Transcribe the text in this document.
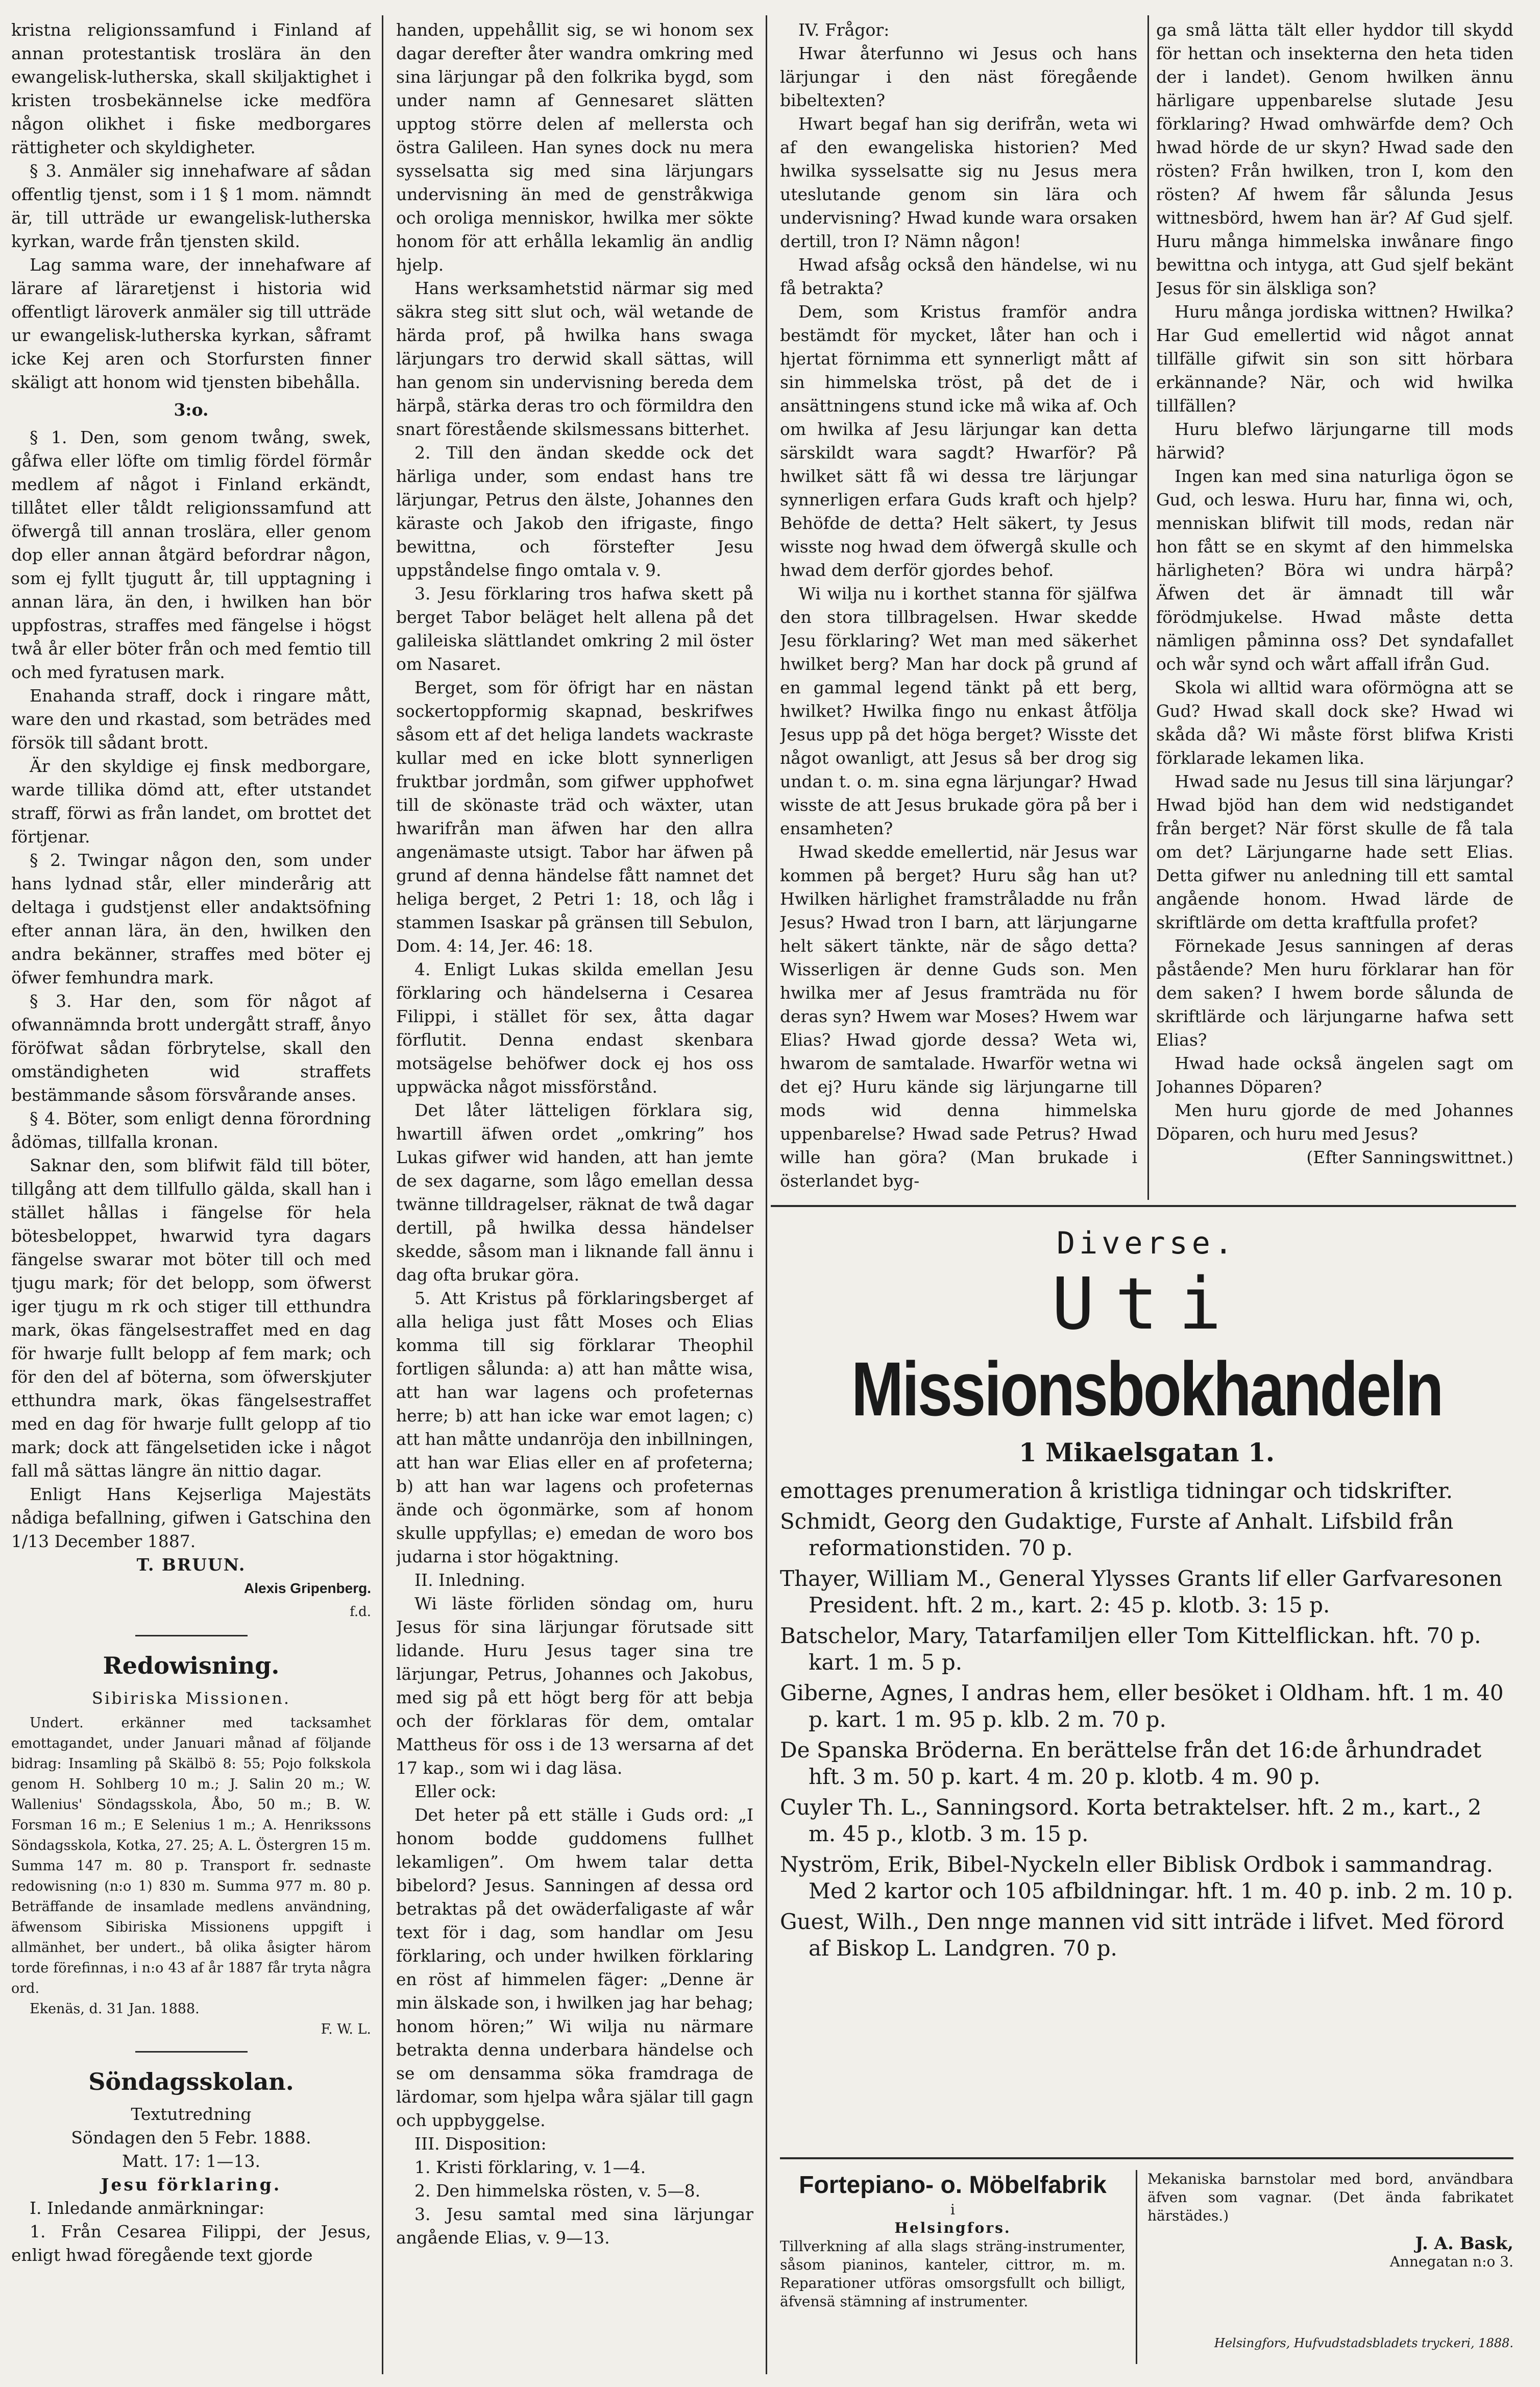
kristna religionssamfund i Finland af annan protestantisk troslära än den ewangelisk-lutherska, skall skiljaktighet i kristen trosbekännelse icke medföra någon olikhet i fiske medborgares rättigheter och skyldigheter.

§ 3. Anmäler sig innehafware af sådan offentlig tjenst, som i 1 § 1 mom. nämndt är, till utträde ur ewangelisk-lutherska kyrkan, warde från tjensten skild.

Lag samma ware, der innehafware af lärare af läraretjenst i historia wid offentligt läroverk anmäler sig till utträde ur ewangelisk-lutherska kyrkan, såframt icke Kej aren och Storfursten finner skäligt att honom wid tjensten bibehålla.

3:o.

§ 1. Den, som genom twång, swek, gåfwa eller löfte om timlig fördel förmår medlem af något i Finland erkändt, tillåtet eller tåldt religionssamfund att öfwergå till annan troslära, eller genom dop eller annan åtgärd befordrar någon, som ej fyllt tjugutt år, till upptagning i annan lära, än den, i hwilken han bör uppfostras, straffes med fängelse i högst twå år eller böter från och med femtio till och med fyratusen mark.

Enahanda straff, dock i ringare mått, ware den und rkastad, som beträdes med försök till sådant brott.

Är den skyldige ej finsk medborgare, warde tillika dömd att, efter utstandet straff, förwi as från landet, om brottet det förtjenar.

§ 2. Twingar någon den, som under hans lydnad står, eller minderårig att deltaga i gudstjenst eller andaktsöfning efter annan lära, än den, hwilken den andra bekänner, straffes med böter ej öfwer femhundra mark.

§ 3. Har den, som för något af ofwannämnda brott undergått straff, ånyo föröfwat sådan förbrytelse, skall den omständigheten wid straffets bestämmande såsom försvårande anses.

§ 4. Böter, som enligt denna förordning ådömas, tillfalla kronan.

Saknar den, som blifwit fäld till böter, tillgång att dem tillfullo gälda, skall han i stället hållas i fängelse för hela bötesbeloppet, hwarwid tyra dagars fängelse swarar mot böter till och med tjugu mark; för det belopp, som öfwerst iger tjugu m rk och stiger till etthundra mark, ökas fängelsestraffet med en dag för hwarje fullt belopp af fem mark; och för den del af böterna, som öfwerskjuter etthundra mark, ökas fängelsestraffet med en dag för hwarje fullt gelopp af tio mark; dock att fängelsetiden icke i något fall må sättas längre än nittio dagar.

Enligt Hans Kejserliga Majestäts nådiga befallning, gifwen i Gatschina den 1/13 December 1887.

T. BRUUN.
Alexis Gripenberg.
f.d.
Redowisning.
Sibiriska Missionen.

Undert. erkänner med tacksamhet emottagandet, under Januari månad af följande bidrag: Insamling på Skälbö 8: 55; Pojo folkskola genom H. Sohlberg 10 m.; J. Salin 20 m.; W. Wallenius' Söndagsskola, Åbo, 50 m.; B. W. Forsman 16 m.; E Selenius 1 m.; A. Henrikssons Söndagsskola, Kotka, 27. 25; A. L. Östergren 15 m. Summa 147 m. 80 p. Transport fr. sednaste redowisning (n:o 1) 830 m. Summa 977 m. 80 p. Beträffande de insamlade medlens användning, äfwensom Sibiriska Missionens uppgift i allmänhet, ber undert., bå olika åsigter härom torde förefinnas, i n:o 43 af år 1887 får tryta några ord.

Ekenäs, d. 31 Jan. 1888.

F. W. L.
Söndagsskolan.
Textutredning
Söndagen den 5 Febr. 1888.
Matt. 17: 1—13.
Jesu förklaring.

I. Inledande anmärkningar:

1. Från Cesarea Filippi, der Jesus, enligt hwad föregående text gjorde

handen, uppehållit sig, se wi honom sex dagar derefter åter wandra omkring med sina lärjungar på den folkrika bygd, som under namn af Gennesaret slätten upptog större delen af mellersta och östra Galileen. Han synes dock nu mera sysselsatta sig med sina lärjungars undervisning än med de genstråkwiga och oroliga menniskor, hwilka mer sökte honom för att erhålla lekamlig än andlig hjelp.

Hans werksamhetstid närmar sig med säkra steg sitt slut och, wäl wetande de härda prof, på hwilka hans swaga lärjungars tro derwid skall sättas, will han genom sin undervisning bereda dem härpå, stärka deras tro och förmildra den snart förestående skilsmessans bitterhet.

2. Till den ändan skedde ock det härliga under, som endast hans tre lärjungar, Petrus den älste, Johannes den käraste och Jakob den ifrigaste, fingo bewittna, och förstefter Jesu uppståndelse fingo omtala v. 9.

3. Jesu förklaring tros hafwa skett på berget Tabor beläget helt allena på det galileiska slättlandet omkring 2 mil öster om Nasaret.

Berget, som för öfrigt har en nästan sockertoppformig skapnad, beskrifwes såsom ett af det heliga landets wackraste kullar med en icke blott synnerligen fruktbar jordmån, som gifwer upphofwet till de skönaste träd och wäxter, utan hwarifrån man äfwen har den allra angenämaste utsigt. Tabor har äfwen på grund af denna händelse fått namnet det heliga berget, 2 Petri 1: 18, och låg i stammen Isaskar på gränsen till Sebulon, Dom. 4: 14, Jer. 46: 18.

4. Enligt Lukas skilda emellan Jesu förklaring och händelserna i Cesarea Filippi, i stället för sex, åtta dagar förflutit. Denna endast skenbara motsägelse behöfwer dock ej hos oss uppwäcka något missförstånd.

Det låter lätteligen förklara sig, hwartill äfwen ordet „omkring” hos Lukas gifwer wid handen, att han jemte de sex dagarne, som lågo emellan dessa twänne tilldragelser, räknat de twå dagar dertill, på hwilka dessa händelser skedde, såsom man i liknande fall ännu i dag ofta brukar göra.

5. Att Kristus på förklaringsberget af alla heliga just fått Moses och Elias komma till sig förklarar Theophil fortligen sålunda: a) att han måtte wisa, att han war lagens och profeternas herre; b) att han icke war emot lagen; c) att han måtte undanröja den inbillningen, att han war Elias eller en af profeterna; b) att han war lagens och profeternas ände och ögonmärke, som af honom skulle uppfyllas; e) emedan de woro bos judarna i stor högaktning.

II. Inledning.

Wi läste förliden söndag om, huru Jesus för sina lärjungar förutsade sitt lidande. Huru Jesus tager sina tre lärjungar, Petrus, Johannes och Jakobus, med sig på ett högt berg för att bebja och der förklaras för dem, omtalar Mattheus för oss i de 13 wersarna af det 17 kap., som wi i dag läsa.

Eller ock:

Det heter på ett ställe i Guds ord: „I honom bodde guddomens fullhet lekamligen”. Om hwem talar detta bibelord? Jesus. Sanningen af dessa ord betraktas på det owäderfaligaste af wår text för i dag, som handlar om Jesu förklaring, och under hwilken förklaring en röst af himmelen fäger: „Denne är min älskade son, i hwilken jag har behag; honom hören;” Wi wilja nu närmare betrakta denna underbara händelse och se om densamma söka framdraga de lärdomar, som hjelpa wåra själar till gagn och uppbyggelse.

III. Disposition:

1. Kristi förklaring, v. 1—4.

2. Den himmelska rösten, v. 5—8.

3. Jesu samtal med sina lärjungar angående Elias, v. 9—13.

IV. Frågor:

Hwar återfunno wi Jesus och hans lärjungar i den näst föregående bibeltexten?

Hwart begaf han sig derifrån, weta wi af den ewangeliska historien? Med hwilka sysselsatte sig nu Jesus mera uteslutande genom sin lära och undervisning? Hwad kunde wara orsaken dertill, tron I? Nämn någon!

Hwad afsåg också den händelse, wi nu få betrakta?

Dem, som Kristus framför andra bestämdt för mycket, låter han och i hjertat förnimma ett synnerligt mått af sin himmelska tröst, på det de i ansättningens stund icke må wika af. Och om hwilka af Jesu lärjungar kan detta särskildt wara sagdt? Hwarför? På hwilket sätt få wi dessa tre lärjungar synnerligen erfara Guds kraft och hjelp? Behöfde de detta? Helt säkert, ty Jesus wisste nog hwad dem öfwergå skulle och hwad dem derför gjordes behof.

Wi wilja nu i korthet stanna för själfwa den stora tillbragelsen. Hwar skedde Jesu förklaring? Wet man med säkerhet hwilket berg? Man har dock på grund af en gammal legend tänkt på ett berg, hwilket? Hwilka fingo nu enkast åtfölja Jesus upp på det höga berget? Wisste det något owanligt, att Jesus så ber drog sig undan t. o. m. sina egna lärjungar? Hwad wisste de att Jesus brukade göra på ber i ensamheten?

Hwad skedde emellertid, när Jesus war kommen på berget? Huru såg han ut? Hwilken härlighet framstråladde nu från Jesus? Hwad tron I barn, att lärjungarne helt säkert tänkte, när de sågo detta? Wisserligen är denne Guds son. Men hwilka mer af Jesus framträda nu för deras syn? Hwem war Moses? Hwem war Elias? Hwad gjorde dessa? Weta wi, hwarom de samtalade. Hwarför wetna wi det ej? Huru kände sig lärjungarne till mods wid denna himmelska uppenbarelse? Hwad sade Petrus? Hwad wille han göra? (Man brukade i österlandet byg-

ga små lätta tält eller hyddor till skydd för hettan och insekterna den heta tiden der i landet). Genom hwilken ännu härligare uppenbarelse slutade Jesu förklaring? Hwad omhwärfde dem? Och hwad hörde de ur skyn? Hwad sade den rösten? Från hwilken, tron I, kom den rösten? Af hwem får sålunda Jesus wittnesbörd, hwem han är? Af Gud sjelf. Huru många himmelska inwånare fingo bewittna och intyga, att Gud sjelf bekänt Jesus för sin älskliga son?

Huru många jordiska wittnen? Hwilka? Har Gud emellertid wid något annat tillfälle gifwit sin son sitt hörbara erkännande? När, och wid hwilka tillfällen?

Huru blefwo lärjungarne till mods härwid?

Ingen kan med sina naturliga ögon se Gud, och leswa. Huru har, finna wi, och, menniskan blifwit till mods, redan när hon fått se en skymt af den himmelska härligheten? Böra wi undra härpå? Äfwen det är ämnadt till wår förödmjukelse. Hwad måste detta nämligen påminna oss? Det syndafallet och wår synd och wårt affall ifrån Gud.

Skola wi alltid wara oförmögna att se Gud? Hwad skall dock ske? Hwad wi skåda då? Wi måste först blifwa Kristi förklarade lekamen lika.

Hwad sade nu Jesus till sina lärjungar? Hwad bjöd han dem wid nedstigandet från berget? När först skulle de få tala om det? Lärjungarne hade sett Elias. Detta gifwer nu anledning till ett samtal angående honom. Hwad lärde de skriftlärde om detta kraftfulla profet?

Förnekade Jesus sanningen af deras påstående? Men huru förklarar han för dem saken? I hwem borde sålunda de skriftlärde och lärjungarne hafwa sett Elias?

Hwad hade också ängelen sagt om Johannes Döparen?

Men huru gjorde de med Johannes Döparen, och huru med Jesus?

(Efter Sanningswittnet.)
Diverse.
Uti
Missionsbokhandeln
1 Mikaelsgatan 1.

emottages prenumeration å kristliga tidningar och tidskrifter.

Schmidt, Georg den Gudaktige, Furste af Anhalt. Lifsbild från reformationstiden. 70 p.

Thayer, William M., General Ylysses Grants lif eller Garfvaresonen President. hft. 2 m., kart. 2: 45 p. klotb. 3: 15 p.

Batschelor, Mary, Tatarfamiljen eller Tom Kittelflickan. hft. 70 p. kart. 1 m. 5 p.

Giberne, Agnes, I andras hem, eller besöket i Oldham. hft. 1 m. 40 p. kart. 1 m. 95 p. klb. 2 m. 70 p.

De Spanska Bröderna. En berättelse från det 16:de århundradet hft. 3 m. 50 p. kart. 4 m. 20 p. klotb. 4 m. 90 p.

Cuyler Th. L., Sanningsord. Korta betraktelser. hft. 2 m., kart., 2 m. 45 p., klotb. 3 m. 15 p.

Nyström, Erik, Bibel-Nyckeln eller Biblisk Ordbok i sammandrag. Med 2 kartor och 105 afbildningar. hft. 1 m. 40 p. inb. 2 m. 10 p.

Guest, Wilh., Den nnge mannen vid sitt inträde i lifvet. Med förord af Biskop L. Landgren. 70 p.

Fortepiano- o. Möbelfabrik
i
Helsingfors.

Tillverkning af alla slags sträng-instrumenter, såsom pianinos, kanteler, cittror, m. m. Reparationer utföras omsorgsfullt och billigt, äfvensä stämning af instrumenter.

Mekaniska barnstolar med bord, användbara äfven som vagnar. (Det ända fabrikatet härstädes.)

J. A. Bask,
Annegatan n:o 3.
Helsingfors, Hufvudstadsbladets tryckeri, 1888.
